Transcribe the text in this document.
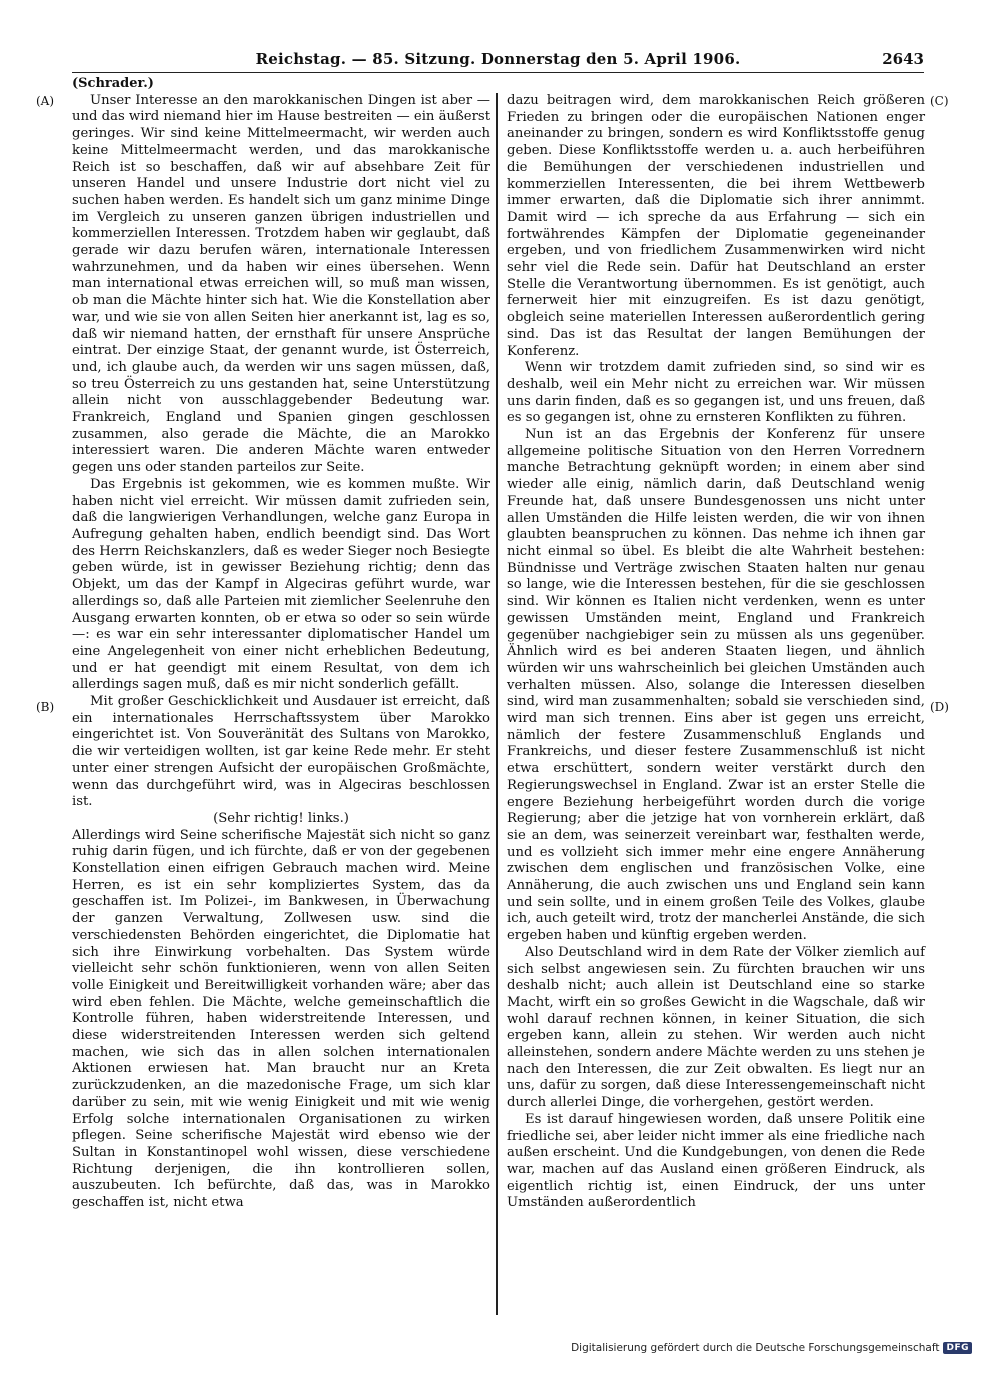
Reichstag. — 85. Sitzung. Donnerstag den 5. April 1906.	2643
(A)
(B)
(C)
(D)

(Schrader.)

Unser Interesse an den marokkanischen Dingen ist aber — und das wird niemand hier im Hause bestreiten — ein äußerst geringes. Wir sind keine Mittelmeermacht, wir werden auch keine Mittelmeermacht werden, und das marokkanische Reich ist so beschaffen, daß wir auf absehbare Zeit für unseren Handel und unsere Industrie dort nicht viel zu suchen haben werden. Es handelt sich um ganz minime Dinge im Vergleich zu unseren ganzen übrigen industriellen und kommerziellen Interessen. Trotzdem haben wir geglaubt, daß gerade wir dazu berufen wären, internationale Interessen wahrzunehmen, und da haben wir eines übersehen. Wenn man international etwas erreichen will, so muß man wissen, ob man die Mächte hinter sich hat. Wie die Konstellation aber war, und wie sie von allen Seiten hier anerkannt ist, lag es so, daß wir niemand hatten, der ernsthaft für unsere Ansprüche eintrat. Der einzige Staat, der genannt wurde, ist Österreich, und, ich glaube auch, da werden wir uns sagen müssen, daß, so treu Österreich zu uns gestanden hat, seine Unterstützung allein nicht von ausschlaggebender Bedeutung war. Frankreich, England und Spanien gingen geschlossen zusammen, also gerade die Mächte, die an Marokko interessiert waren. Die anderen Mächte waren entweder gegen uns oder standen parteilos zur Seite.

Das Ergebnis ist gekommen, wie es kommen mußte. Wir haben nicht viel erreicht. Wir müssen damit zufrieden sein, daß die langwierigen Verhandlungen, welche ganz Europa in Aufregung gehalten haben, endlich beendigt sind. Das Wort des Herrn Reichskanzlers, daß es weder Sieger noch Besiegte geben würde, ist in gewisser Beziehung richtig; denn das Objekt, um das der Kampf in Algeciras geführt wurde, war allerdings so, daß alle Parteien mit ziemlicher Seelenruhe den Ausgang erwarten konnten, ob er etwa so oder so sein würde —: es war ein sehr interessanter diplomatischer Handel um eine Angelegenheit von einer nicht erheblichen Bedeutung, und er hat geendigt mit einem Resultat, von dem ich allerdings sagen muß, daß es mir nicht sonderlich gefällt.

Mit großer Geschicklichkeit und Ausdauer ist erreicht, daß ein internationales Herrschaftssystem über Marokko eingerichtet ist. Von Souveränität des Sultans von Marokko, die wir verteidigen wollten, ist gar keine Rede mehr. Er steht unter einer strengen Aufsicht der europäischen Großmächte, wenn das durchgeführt wird, was in Algeciras beschlossen ist.

(Sehr richtig! links.)

Allerdings wird Seine scherifische Majestät sich nicht so ganz ruhig darin fügen, und ich fürchte, daß er von der gegebenen Konstellation einen eifrigen Gebrauch machen wird. Meine Herren, es ist ein sehr kompliziertes System, das da geschaffen ist. Im Polizei-, im Bankwesen, in Überwachung der ganzen Verwaltung, Zollwesen usw. sind die verschiedensten Behörden eingerichtet, die Diplomatie hat sich ihre Einwirkung vorbehalten. Das System würde vielleicht sehr schön funktionieren, wenn von allen Seiten volle Einigkeit und Bereitwilligkeit vorhanden wäre; aber das wird eben fehlen. Die Mächte, welche gemeinschaftlich die Kontrolle führen, haben widerstreitende Interessen, und diese widerstreitenden Interessen werden sich geltend machen, wie sich das in allen solchen internationalen Aktionen erwiesen hat. Man braucht nur an Kreta zurückzudenken, an die mazedonische Frage, um sich klar darüber zu sein, mit wie wenig Einigkeit und mit wie wenig Erfolg solche internationalen Organisationen zu wirken pflegen. Seine scherifische Majestät wird ebenso wie der Sultan in Konstantinopel wohl wissen, diese verschiedene Richtung derjenigen, die ihn kontrollieren sollen, auszubeuten. Ich befürchte, daß das, was in Marokko geschaffen ist, nicht etwa

dazu beitragen wird, dem marokkanischen Reich größeren Frieden zu bringen oder die europäischen Nationen enger aneinander zu bringen, sondern es wird Konfliktsstoffe genug geben. Diese Konfliktsstoffe werden u. a. auch herbeiführen die Bemühungen der verschiedenen industriellen und kommerziellen Interessenten, die bei ihrem Wettbewerb immer erwarten, daß die Diplomatie sich ihrer annimmt. Damit wird — ich spreche da aus Erfahrung — sich ein fortwährendes Kämpfen der Diplomatie gegeneinander ergeben, und von friedlichem Zusammenwirken wird nicht sehr viel die Rede sein. Dafür hat Deutschland an erster Stelle die Verantwortung übernommen. Es ist genötigt, auch fernerweit hier mit einzugreifen. Es ist dazu genötigt, obgleich seine materiellen Interessen außerordentlich gering sind. Das ist das Resultat der langen Bemühungen der Konferenz.

Wenn wir trotzdem damit zufrieden sind, so sind wir es deshalb, weil ein Mehr nicht zu erreichen war. Wir müssen uns darin finden, daß es so gegangen ist, und uns freuen, daß es so gegangen ist, ohne zu ernsteren Konflikten zu führen.

Nun ist an das Ergebnis der Konferenz für unsere allgemeine politische Situation von den Herren Vorrednern manche Betrachtung geknüpft worden; in einem aber sind wieder alle einig, nämlich darin, daß Deutschland wenig Freunde hat, daß unsere Bundesgenossen uns nicht unter allen Umständen die Hilfe leisten werden, die wir von ihnen glaubten beanspruchen zu können. Das nehme ich ihnen gar nicht einmal so übel. Es bleibt die alte Wahrheit bestehen: Bündnisse und Verträge zwischen Staaten halten nur genau so lange, wie die Interessen bestehen, für die sie geschlossen sind. Wir können es Italien nicht verdenken, wenn es unter gewissen Umständen meint, England und Frankreich gegenüber nachgiebiger sein zu müssen als uns gegenüber. Ähnlich wird es bei anderen Staaten liegen, und ähnlich würden wir uns wahrscheinlich bei gleichen Umständen auch verhalten müssen. Also, solange die Interessen dieselben sind, wird man zusammenhalten; sobald sie verschieden sind, wird man sich trennen. Eins aber ist gegen uns erreicht, nämlich der festere Zusammenschluß Englands und Frankreichs, und dieser festere Zusammenschluß ist nicht etwa erschüttert, sondern weiter verstärkt durch den Regierungswechsel in England. Zwar ist an erster Stelle die engere Beziehung herbeigeführt worden durch die vorige Regierung; aber die jetzige hat von vornherein erklärt, daß sie an dem, was seinerzeit vereinbart war, festhalten werde, und es vollzieht sich immer mehr eine engere Annäherung zwischen dem englischen und französischen Volke, eine Annäherung, die auch zwischen uns und England sein kann und sein sollte, und in einem großen Teile des Volkes, glaube ich, auch geteilt wird, trotz der mancherlei Anstände, die sich ergeben haben und künftig ergeben werden.

Also Deutschland wird in dem Rate der Völker ziemlich auf sich selbst angewiesen sein. Zu fürchten brauchen wir uns deshalb nicht; auch allein ist Deutschland eine so starke Macht, wirft ein so großes Gewicht in die Wagschale, daß wir wohl darauf rechnen können, in keiner Situation, die sich ergeben kann, allein zu stehen. Wir werden auch nicht alleinstehen, sondern andere Mächte werden zu uns stehen je nach den Interessen, die zur Zeit obwalten. Es liegt nur an uns, dafür zu sorgen, daß diese Interessengemeinschaft nicht durch allerlei Dinge, die vorhergehen, gestört werden.

Es ist darauf hingewiesen worden, daß unsere Politik eine friedliche sei, aber leider nicht immer als eine friedliche nach außen erscheint. Und die Kundgebungen, von denen die Rede war, machen auf das Ausland einen größeren Eindruck, als eigentlich richtig ist, einen Eindruck, der uns unter Umständen außerordentlich

Digitalisierung gefördert durch die Deutsche Forschungsgemeinschaft DFG
